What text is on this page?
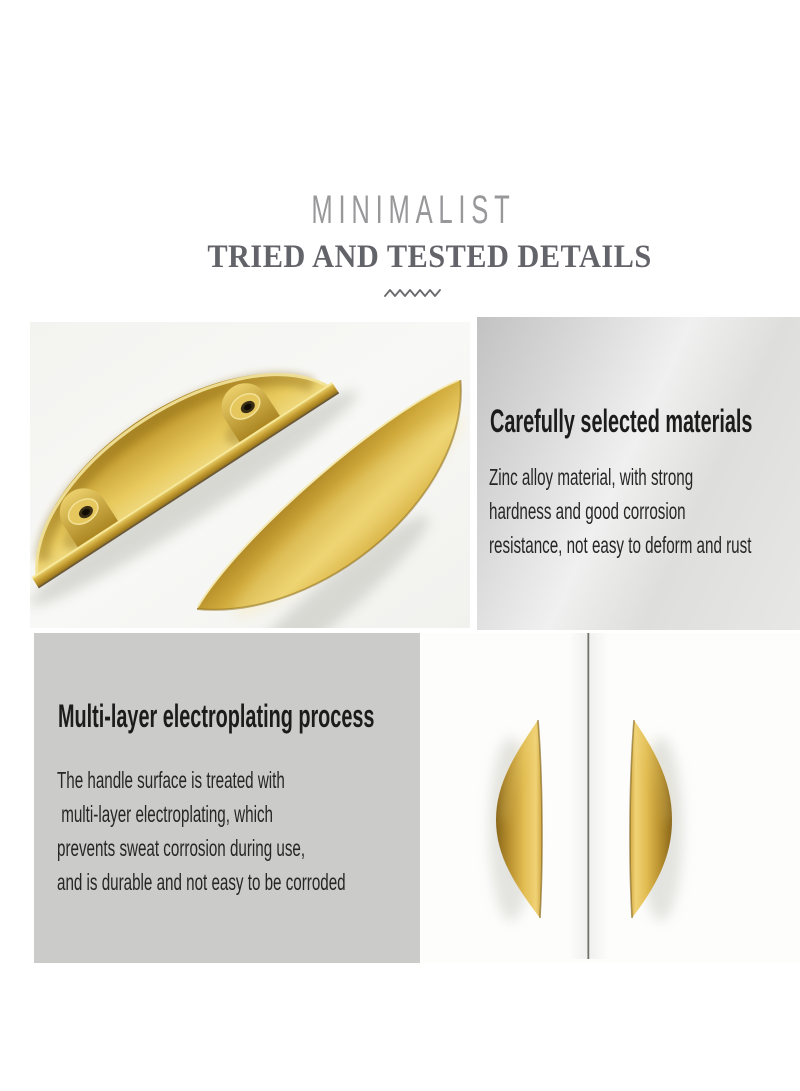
MINIMALIST
TRIED AND TESTED DETAILS
Carefully selected materials
Zinc alloy material, with strong
hardness and good corrosion
resistance, not easy to deform and rust
Multi-layer electroplating process
The handle surface is treated with
multi-layer electroplating, which
prevents sweat corrosion during use,
and is durable and not easy to be corroded
